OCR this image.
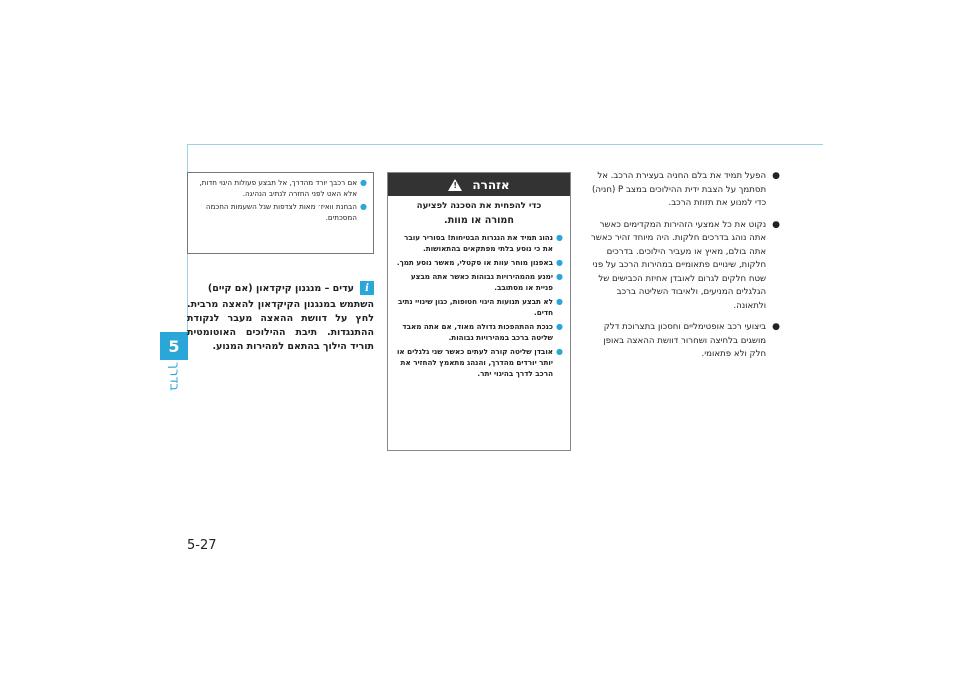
5
בדרך
5-27
●
אם רכבך יורד מהדרך, אל תבצע פעולות היגוי חדות, אלא האט לפני החזרה לנתיב הנהיגה.
●
הבחנת וואיז׳ מאות לצדפות שנל השעמות החכמה המסכתים.
i
עדים – מנגנון קיקדאון (אם קיים)
השתמש במנגנון הקיקדאון להאצה מרבית. לחץ על דוושת ההאצה מעבר לנקודת ההתנגדות. תיבת ההילוכים האוטומטית תוריד הילוך בהתאם למהירות המנוע.
אזהרה
!
כדי להפחית את הסכנה לפציעה
חמורה או מוות.
●
נהוג תמיד את הנגרות הבטיחות! בסוריר עובר את כי נוסע בלתי מפתקאים בהתאושות.
●
באפנון מוחר עוות או סקטלי, מאשר נוסע תמך.
●
ימנע מהמהירויות גבוהות כאשר אתה מבצע פניית או מסתובב.
●
לא תבצע תנועות היגוי חטופות, כגון שינויי נתיב חדים.
●
כנכת ההתהפכות גדולה מאוד, אם אתה מאבד שליטה ברכב במהירויות גבוהות.
●
אובדן שליטה קורה לעתים כאשר שני גלגלים או יותר יורדים מהדרך, והנהג מתאמץ להחזיר את הרכב לדרך בהיגוי יתר.
●
הפעל תמיד את בלם החניה בעצירת הרכב. אל תסתמך על הצבת ידית ההילוכים במצב P (חניה) כדי למנוע את תזוזת הרכב.
●
נקוט את כל אמצעי הזהירות המקדימים כאשר אתה נוהג בדרכים חלקות. היה מיוחד זהיר כאשר אתה בולם, מאיץ או מעביר הילוכים. בדרכים חלקות, שינויים פתאומיים במהירות הרכב על פני שטח חלקים לגרום לאובדן אחיזת הכבישים של הגלגלים המניעים, ולאיבוד השליטה ברכב ולתאונה.
●
ביצועי רכב אופטימליים וחסכון בתצרוכת דלק מושגים בלחיצה ושחרור דוושת ההאצה באופן חלק ולא פתאומי.
